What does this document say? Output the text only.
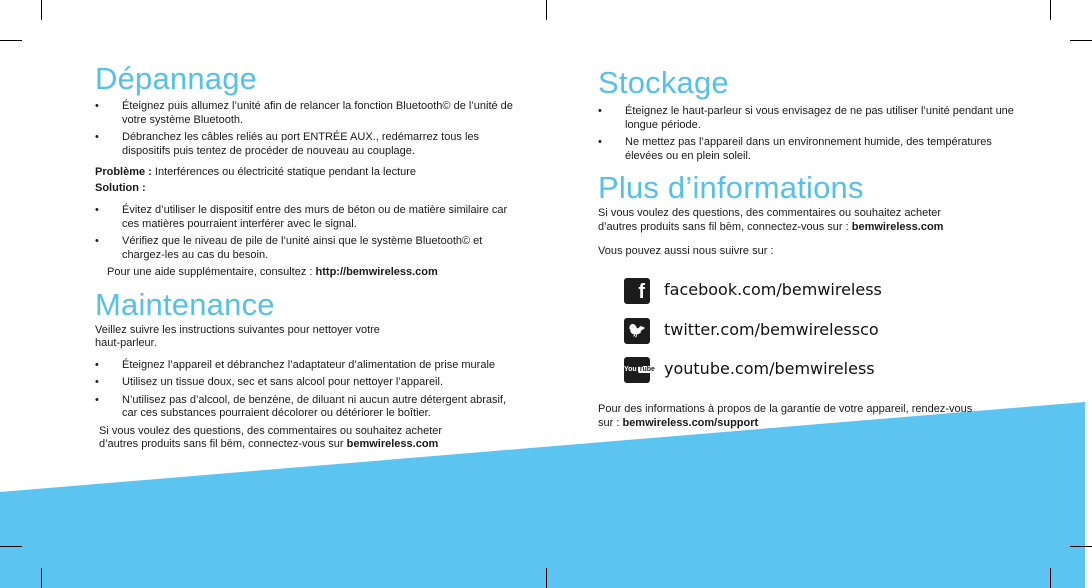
Dépannage
• Éteignez puis allumez l’unité afin de relancer la fonction Bluetooth© de l’unité de votre système Bluetooth.
• Débranchez les câbles reliés au port ENTRÉE AUX., redémarrez tous les dispositifs puis tentez de procéder de nouveau au couplage.

Problème : Interférences ou électricité statique pendant la lecture

Solution :

• Évitez d’utiliser le dispositif entre des murs de béton ou de matière similaire car ces matières pourraient interférer avec le signal.
• Vérifiez que le niveau de pile de l’unité ainsi que le système Bluetooth© et chargez-les au cas du besoin.

Pour une aide supplémentaire, consultez : http://bemwireless.com

Maintenance

Veillez suivre les instructions suivantes pour nettoyer votre
haut-parleur.

• Éteignez l’appareil et débranchez l’adaptateur d’alimentation de prise murale
• Utilisez un tissue doux, sec et sans alcool pour nettoyer l’appareil.
• N’utilisez pas d’alcool, de benzène, de diluant ni aucun autre détergent abrasif, car ces substances pourraient décolorer ou détériorer le boîtier.

Si vous voulez des questions, des commentaires ou souhaitez acheter
d’autres produits sans fil bēm, connectez-vous sur bemwireless.com

Stockage
• Éteignez le haut-parleur si vous envisagez de ne pas utiliser l’unité pendant une longue période.
• Ne mettez pas l’appareil dans un environnement humide, des températures élevées ou en plein soleil.
Plus d’informations

Si vous voulez des questions, des commentaires ou souhaitez acheter
d’autres produits sans fil bēm, connectez-vous sur : bemwireless.com

Vous pouvez aussi nous suivre sur :

f	facebook.com/bemwireless
🐦 twitter.com/bemwirelessco
You Tube youtube.com/bemwireless

Pour des informations à propos de la garantie de votre appareil, rendez-vous
sur : bemwireless.com/support
